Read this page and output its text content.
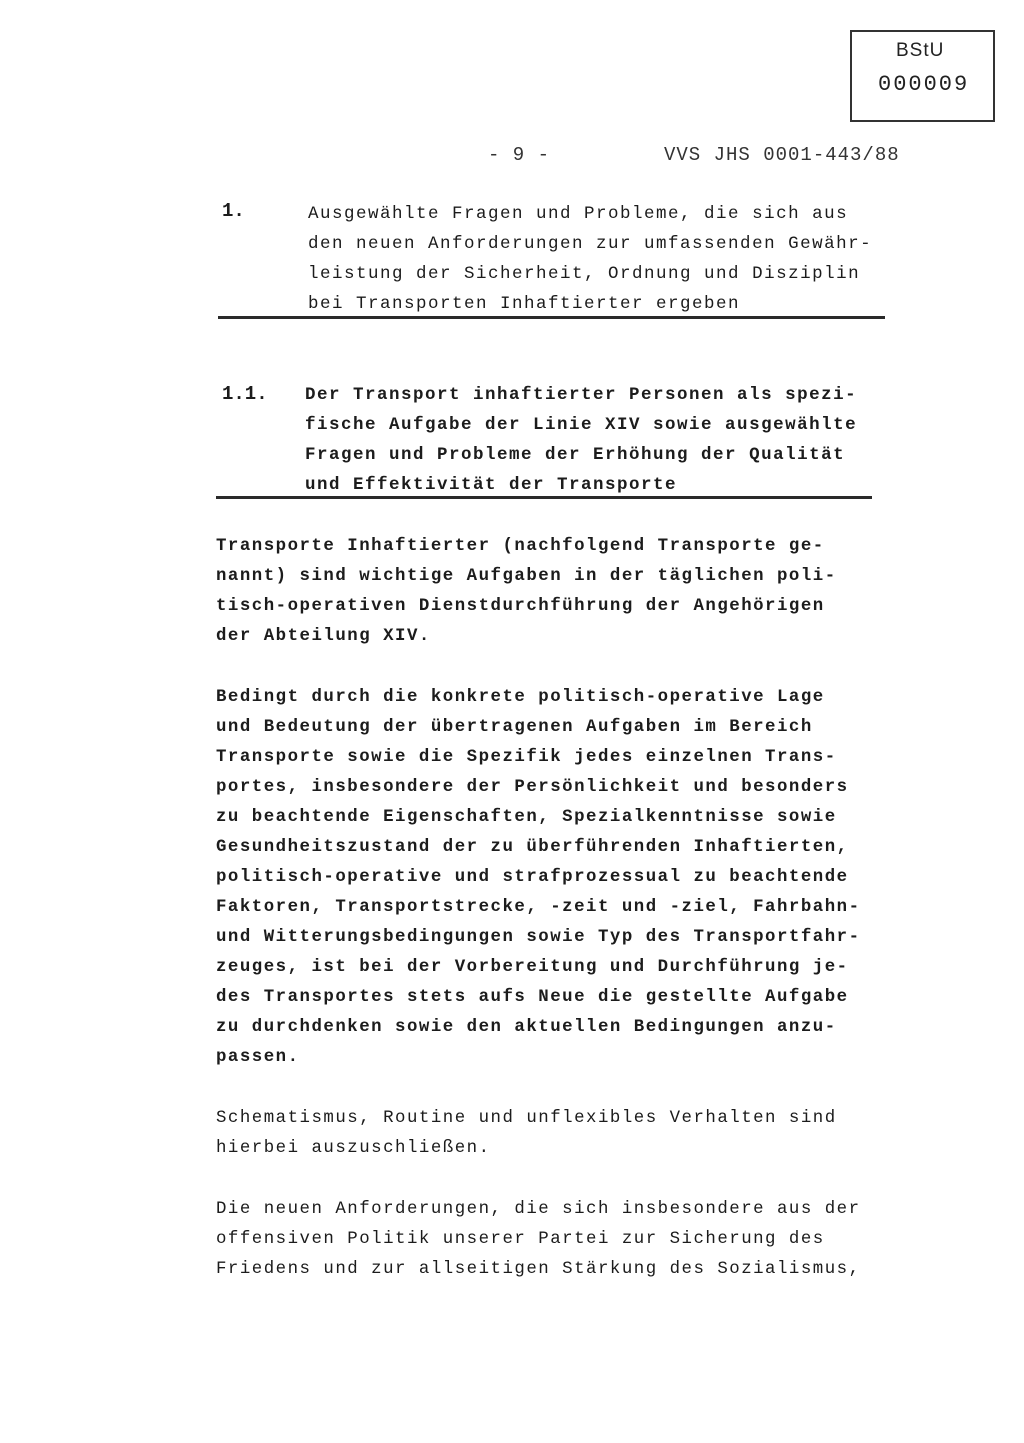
BStU
000009
- 9 -	VVS JHS 0001-443/88
1.	Ausgewählte Fragen und Probleme, die sich aus
den neuen Anforderungen zur umfassenden Gewähr-
leistung der Sicherheit, Ordnung und Disziplin
bei Transporten Inhaftierter ergeben
1.1. Der Transport inhaftierter Personen als spezi-
fische Aufgabe der Linie XIV sowie ausgewählte
Fragen und Probleme der Erhöhung der Qualität
und Effektivität der Transporte
Transporte Inhaftierter (nachfolgend Transporte ge-
nannt) sind wichtige Aufgaben in der täglichen poli-
tisch-operativen Dienstdurchführung der Angehörigen
der Abteilung XIV.
Bedingt durch die konkrete politisch-operative Lage
und Bedeutung der übertragenen Aufgaben im Bereich
Transporte sowie die Spezifik jedes einzelnen Trans-
portes, insbesondere der Persönlichkeit und besonders
zu beachtende Eigenschaften, Spezialkenntnisse sowie
Gesundheitszustand der zu überführenden Inhaftierten,
politisch-operative und strafprozessual zu beachtende
Faktoren, Transportstrecke, -zeit und -ziel, Fahrbahn-
und Witterungsbedingungen sowie Typ des Transportfahr-
zeuges, ist bei der Vorbereitung und Durchführung je-
des Transportes stets aufs Neue die gestellte Aufgabe
zu durchdenken sowie den aktuellen Bedingungen anzu-
passen.
Schematismus, Routine und unflexibles Verhalten sind
hierbei auszuschließen.
Die neuen Anforderungen, die sich insbesondere aus der
offensiven Politik unserer Partei zur Sicherung des
Friedens und zur allseitigen Stärkung des Sozialismus,
